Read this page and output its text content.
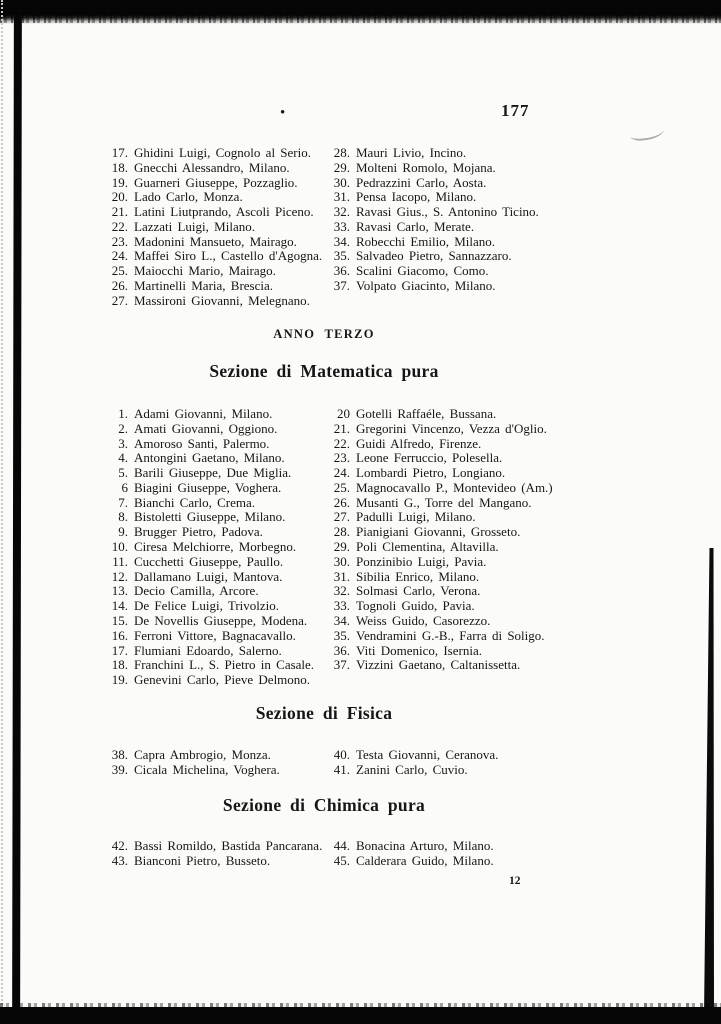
•	177
17. Ghidini Luigi, Cognolo al Serio.
18. Gnecchi Alessandro, Milano.
19. Guarneri Giuseppe, Pozzaglio.
20. Lado Carlo, Monza.
21. Latini Liutprando, Ascoli Piceno.
22. Lazzati Luigi, Milano.
23. Madonini Mansueto, Mairago.
24. Maffei Siro L., Castello d'Agogna.
25. Maiocchi Mario, Mairago.
26. Martinelli Maria, Brescia.
27. Massironi Giovanni, Melegnano.
28. Mauri Livio, Incino.
29. Molteni Romolo, Mojana.
30. Pedrazzini Carlo, Aosta.
31. Pensa Iacopo, Milano.
32. Ravasi Gius., S. Antonino Ticino.
33. Ravasi Carlo, Merate.
34. Robecchi Emilio, Milano.
35. Salvadeo Pietro, Sannazzaro.
36. Scalini Giacomo, Como.
37. Volpato Giacinto, Milano.
ANNO TERZO
Sezione di Matematica pura
1. Adami Giovanni, Milano.
2. Amati Giovanni, Oggiono.
3. Amoroso Santi, Palermo.
4. Antongini Gaetano, Milano.
5. Barili Giuseppe, Due Miglia.
6 Biagini Giuseppe, Voghera.
7. Bianchi Carlo, Crema.
8. Bistoletti Giuseppe, Milano.
9. Brugger Pietro, Padova.
10. Ciresa Melchiorre, Morbegno.
11. Cucchetti Giuseppe, Paullo.
12. Dallamano Luigi, Mantova.
13. Decio Camilla, Arcore.
14. De Felice Luigi, Trivolzio.
15. De Novellis Giuseppe, Modena.
16. Ferroni Vittore, Bagnacavallo.
17. Flumiani Edoardo, Salerno.
18. Franchini L., S. Pietro in Casale.
19. Genevini Carlo, Pieve Delmono.
20 Gotelli Raffaéle, Bussana.
21. Gregorini Vincenzo, Vezza d'Oglio.
22. Guidi Alfredo, Firenze.
23. Leone Ferruccio, Polesella.
24. Lombardi Pietro, Longiano.
25. Magnocavallo P., Montevideo (Am.)
26. Musanti G., Torre del Mangano.
27. Padulli Luigi, Milano.
28. Pianigiani Giovanni, Grosseto.
29. Poli Clementina, Altavilla.
30. Ponzinibio Luigi, Pavia.
31. Sibilia Enrico, Milano.
32. Solmasi Carlo, Verona.
33. Tognoli Guido, Pavia.
34. Weiss Guido, Casorezzo.
35. Vendramini G.-B., Farra di Soligo.
36. Viti Domenico, Isernia.
37. Vizzini Gaetano, Caltanissetta.
Sezione di Fisica
38. Capra Ambrogio, Monza.
39. Cicala Michelina, Voghera.
40. Testa Giovanni, Ceranova.
41. Zanini Carlo, Cuvio.
Sezione di Chimica pura
42. Bassi Romildo, Bastida Pancarana.
43. Bianconi Pietro, Busseto.
44. Bonacina Arturo, Milano.
45. Calderara Guido, Milano.
12
